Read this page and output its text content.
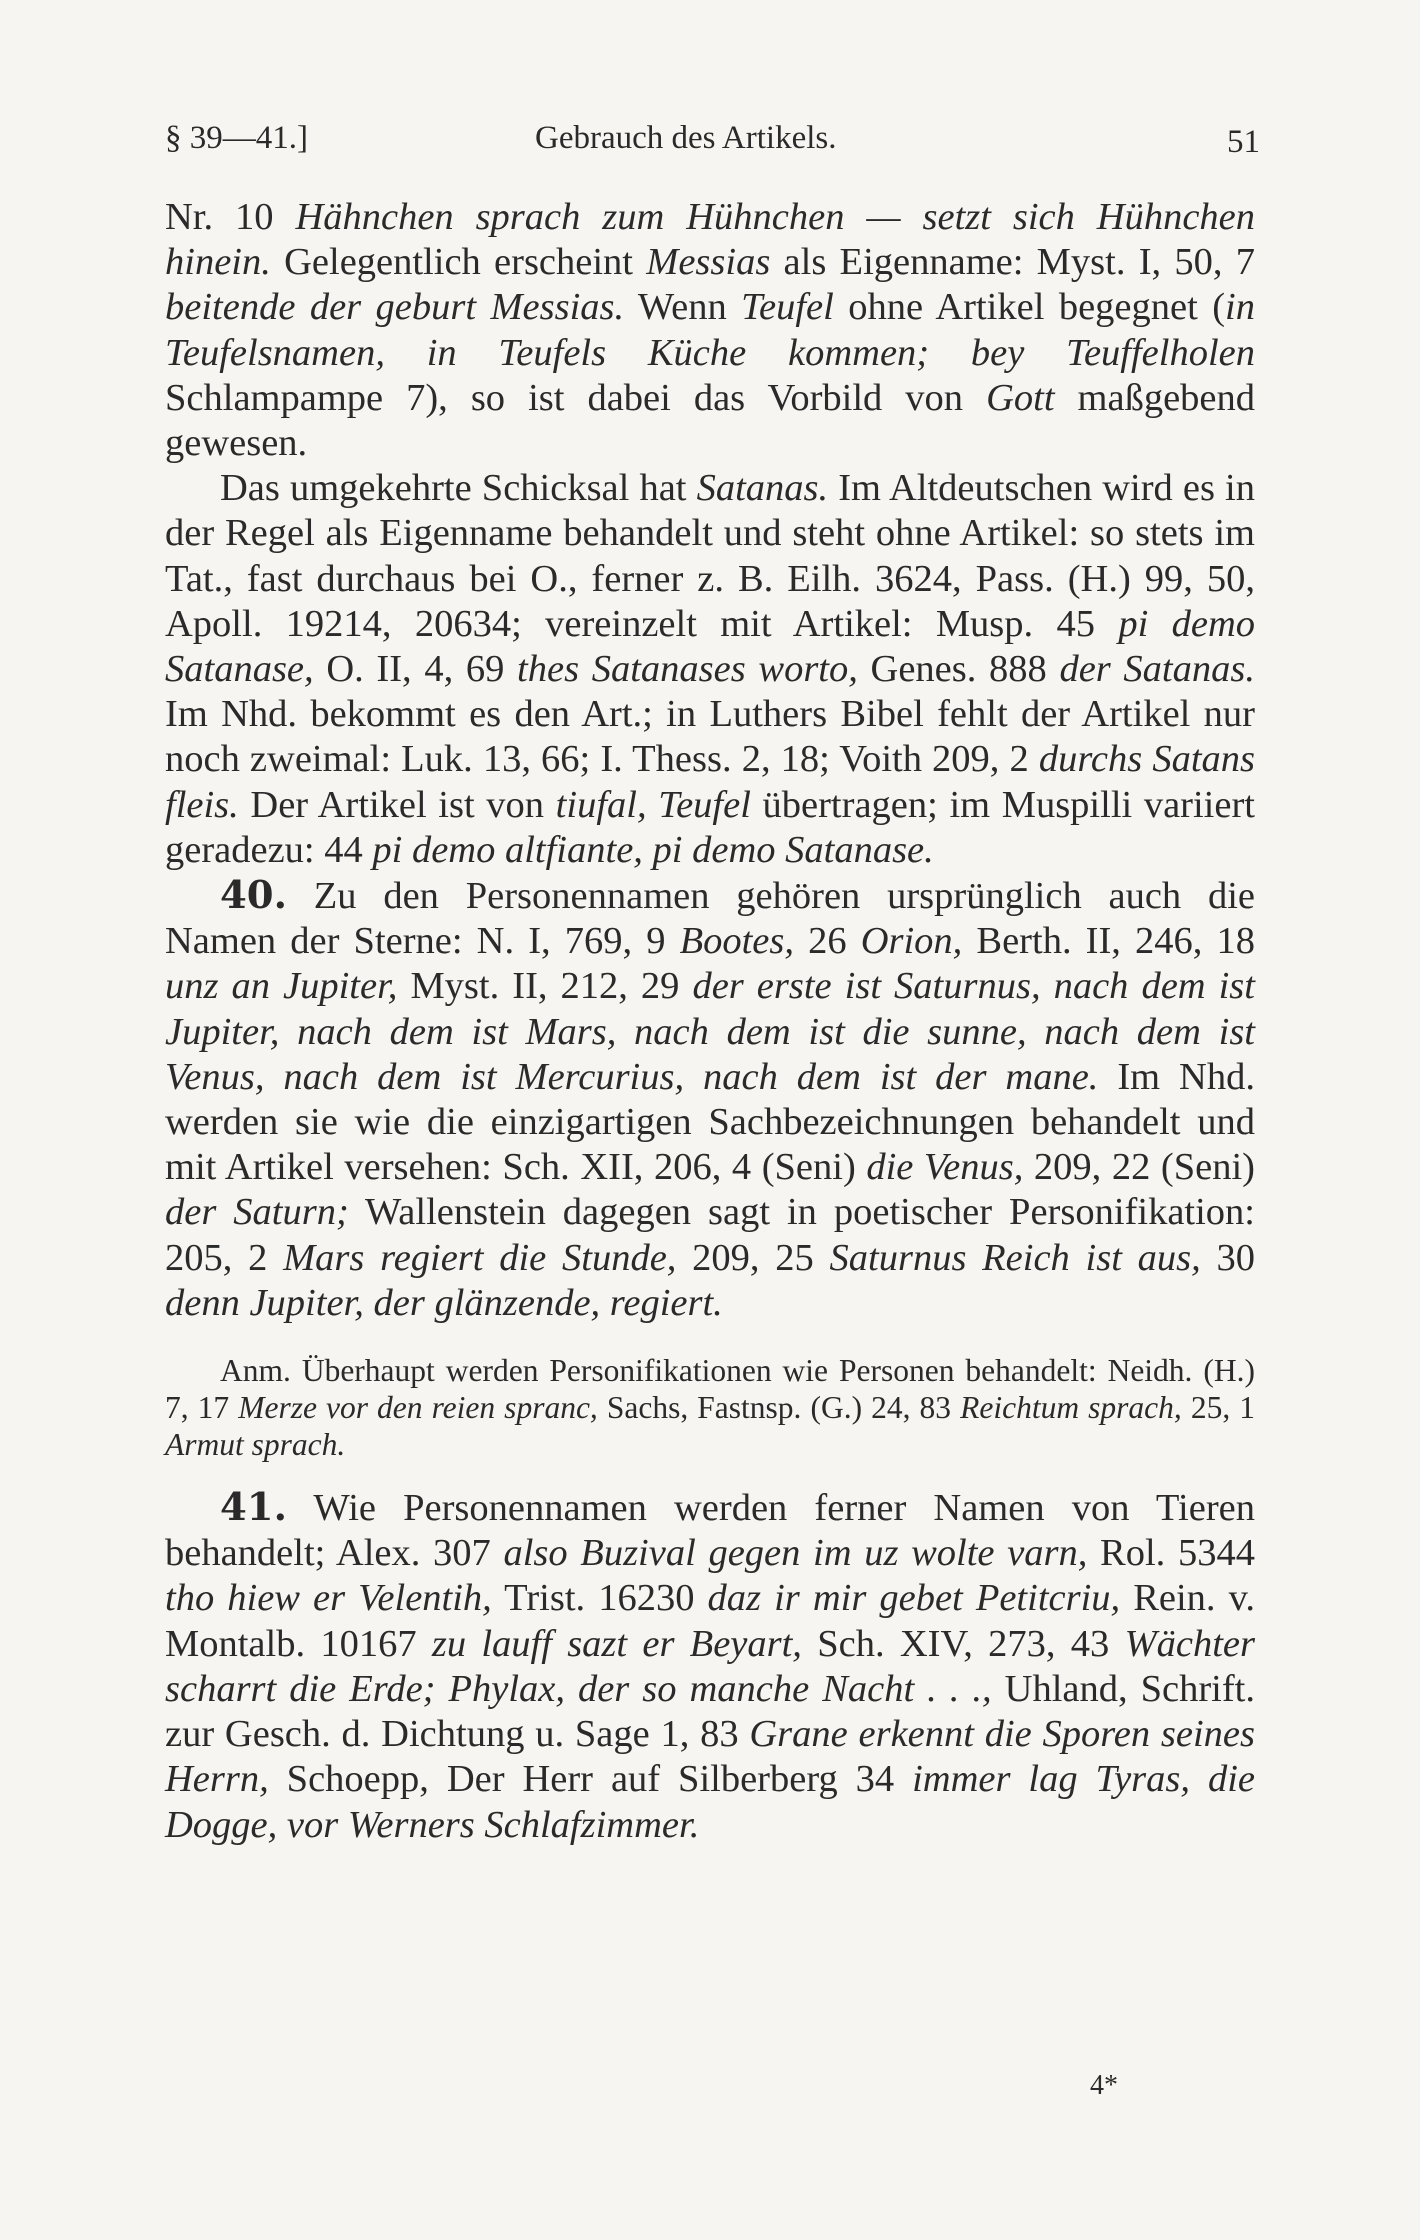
§ 39—41.]	Gebrauch des Artikels.	51

Nr. 10 Hähnchen sprach zum Hühnchen — setzt sich Hühnchen hinein. Gelegentlich erscheint Messias als Eigenname: Myst. I, 50, 7 beitende der geburt Messias. Wenn Teufel ohne Artikel begegnet (in Teufelsnamen, in Teufels Küche kommen; bey Teuffelholen Schlampampe 7), so ist dabei das Vorbild von Gott maßgebend gewesen.

Das umgekehrte Schicksal hat Satanas. Im Altdeutschen wird es in der Regel als Eigenname behandelt und steht ohne Artikel: so stets im Tat., fast durchaus bei O., ferner z. B. Eilh. 3624, Pass. (H.) 99, 50, Apoll. 19214, 20634; vereinzelt mit Artikel: Musp. 45 pi demo Satanase, O. II, 4, 69 thes Satanases worto, Genes. 888 der Satanas. Im Nhd. bekommt es den Art.; in Luthers Bibel fehlt der Artikel nur noch zweimal: Luk. 13, 66; I. Thess. 2, 18; Voith 209, 2 durchs Satans fleis. Der Artikel ist von tiufal, Teufel übertragen; im Muspilli variiert geradezu: 44 pi demo altfiante, pi demo Satanase.

40. Zu den Personennamen gehören ursprünglich auch die Namen der Sterne: N. I, 769, 9 Bootes, 26 Orion, Berth. II, 246, 18 unz an Jupiter, Myst. II, 212, 29 der erste ist Saturnus, nach dem ist Jupiter, nach dem ist Mars, nach dem ist die sunne, nach dem ist Venus, nach dem ist Mercurius, nach dem ist der mane. Im Nhd. werden sie wie die einzigartigen Sachbezeichnungen behandelt und mit Artikel versehen: Sch. XII, 206, 4 (Seni) die Venus, 209, 22 (Seni) der Saturn; Wallenstein dagegen sagt in poetischer Personifikation: 205, 2 Mars regiert die Stunde, 209, 25 Saturnus Reich ist aus, 30 denn Jupiter, der glänzende, regiert.

Anm. Überhaupt werden Personifikationen wie Personen behandelt: Neidh. (H.) 7, 17 Merze vor den reien spranc, Sachs, Fastnsp. (G.) 24, 83 Reichtum sprach, 25, 1 Armut sprach.

41. Wie Personennamen werden ferner Namen von Tieren behandelt; Alex. 307 also Buzival gegen im uz wolte varn, Rol. 5344 tho hiew er Velentih, Trist. 16230 daz ir mir gebet Petitcriu, Rein. v. Montalb. 10167 zu lauff sazt er Beyart, Sch. XIV, 273, 43 Wächter scharrt die Erde; Phylax, der so manche Nacht . . ., Uhland, Schrift. zur Gesch. d. Dichtung u. Sage 1, 83 Grane erkennt die Sporen seines Herrn, Schoepp, Der Herr auf Silberberg 34 immer lag Tyras, die Dogge, vor Werners Schlafzimmer.

4*
